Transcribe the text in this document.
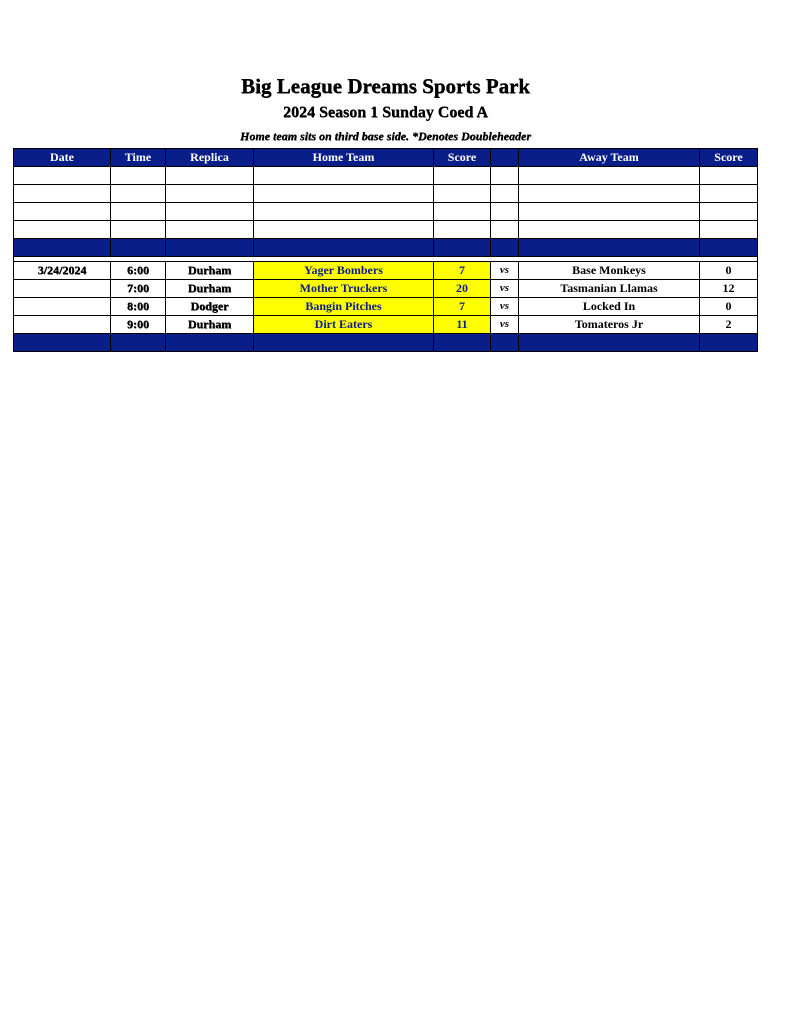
Big League Dreams Sports Park
2024 Season 1 Sunday Coed A
Home team sits on third base side. *Denotes Doubleheader
Date	Time	Replica	Home Team	Score		Away Team	Score

3/24/2024	6:00	Durham	Yager Bombers	7	vs	Base Monkeys	0
	7:00	Durham	Mother Truckers	20	vs	Tasmanian Llamas	12
	8:00	Dodger	Bangin Pitches	7	vs	Locked In	0
	9:00	Durham	Dirt Eaters	11	vs	Tomateros Jr	2
